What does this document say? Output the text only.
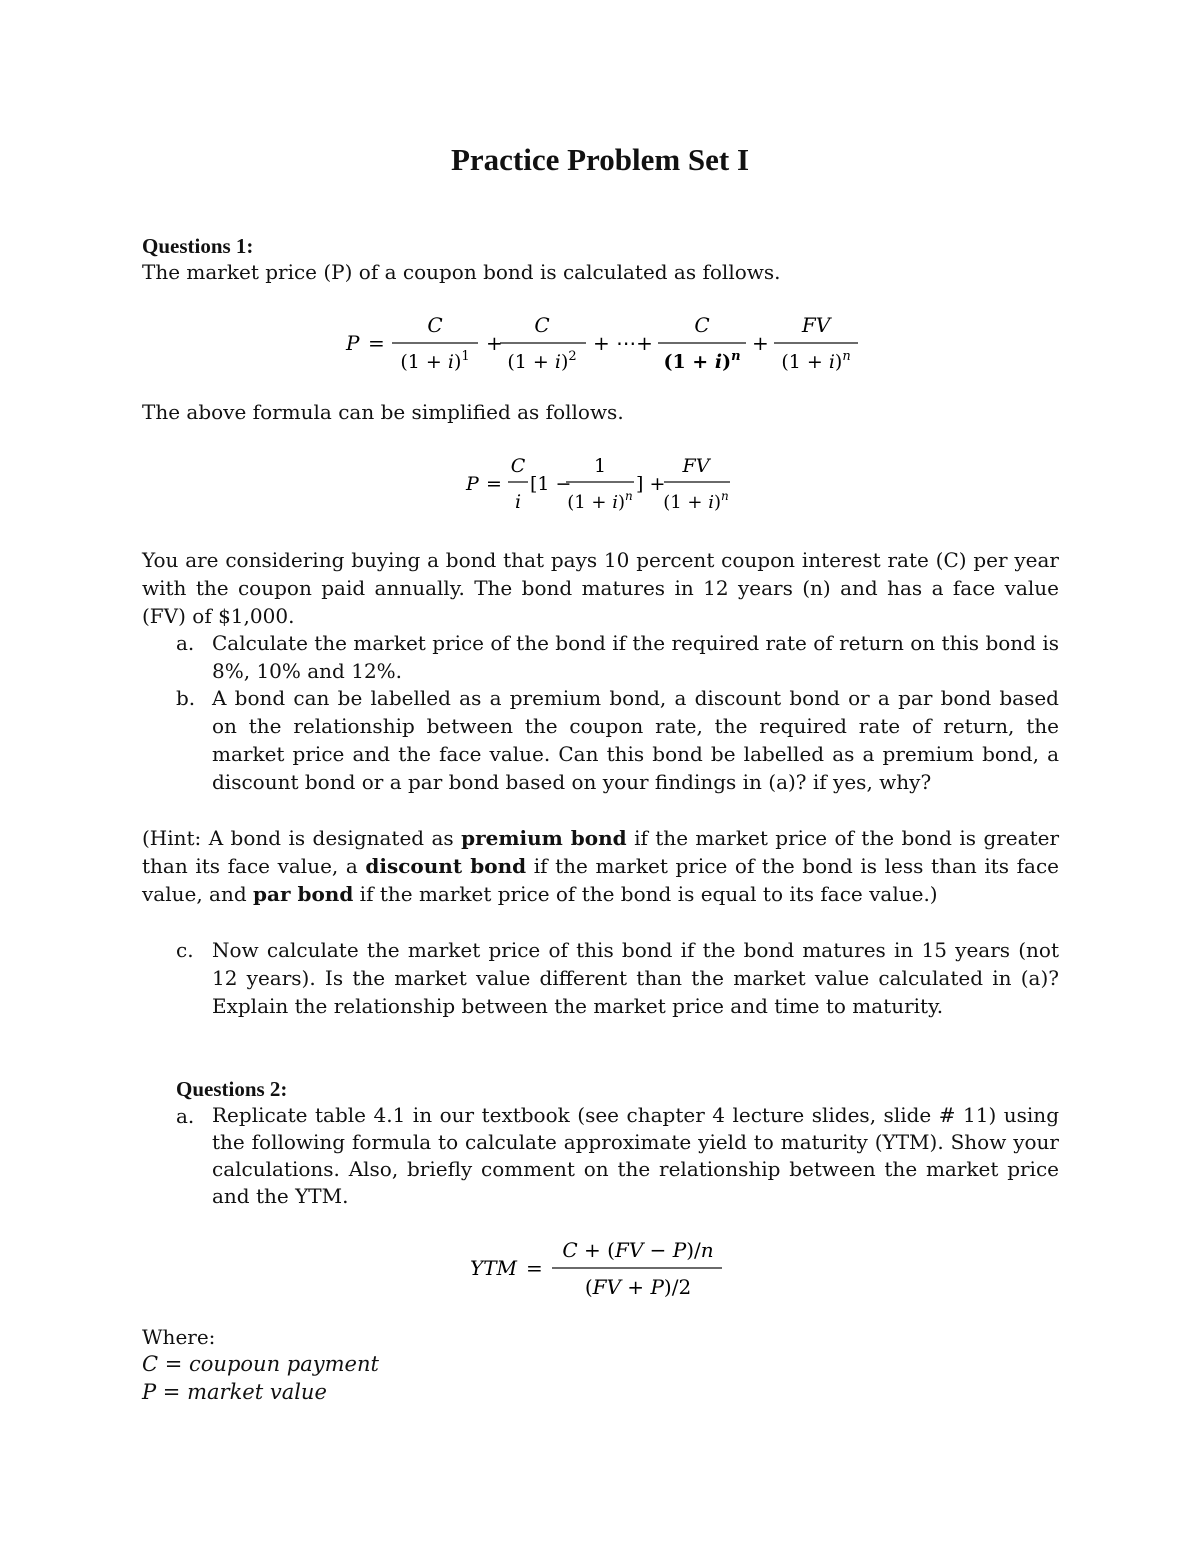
Practice Problem Set I
Questions 1:
The market price (P) of a coupon bond is calculated as follows.
P =
C
$(1 + i)^1$
+
C
$(1 + i)^2$
+ ⋯+
C
$(1 + i)^n$
+
FV
$(1 + i)^n$
The above formula can be simplified as follows.
P =
C
i
[1 −
1
$(1 + i)^n$
] +
FV
$(1 + i)^n$
You are considering buying a bond that pays 10 percent coupon interest rate (C) per year with the coupon paid annually. The bond matures in 12 years (n) and has a face value (FV) of $1,000.
a. Calculate the market price of the bond if the required rate of return on this bond is 8%, 10% and 12%.
b. A bond can be labelled as a premium bond, a discount bond or a par bond based on the relationship between the coupon rate, the required rate of return, the market price and the face value. Can this bond be labelled as a premium bond, a discount bond or a par bond based on your findings in (a)? if yes, why?
(Hint: A bond is designated as premium bond if the market price of the bond is greater than its face value, a discount bond if the market price of the bond is less than its face value, and par bond if the market price of the bond is equal to its face value.)
c. Now calculate the market price of this bond if the bond matures in 15 years (not 12 years). Is the market value different than the market value calculated in (a)? Explain the relationship between the market price and time to maturity.
Questions 2:
a. Replicate table 4.1 in our textbook (see chapter 4 lecture slides, slide # 11) using the following formula to calculate approximate yield to maturity (YTM). Show your calculations. Also, briefly comment on the relationship between the market price and the YTM.
YTM =
C + (FV − P)/n
(FV + P)/2
Where:
C = coupoun payment
P = market value
